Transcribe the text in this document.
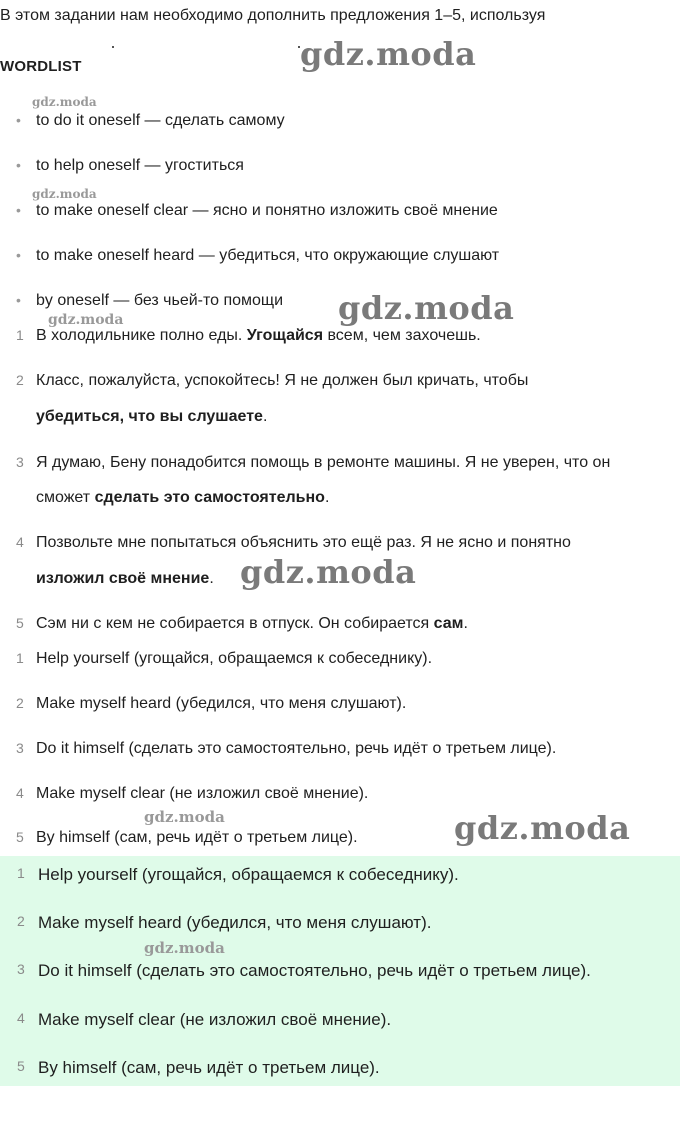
В этом задании нам необходимо дополнить предложения 1–5, используя
WORDLIST	gdz.moda
gdz.moda
• to do it oneself — сделать самому
• to help oneself — угоститься
gdz.moda
• to make oneself clear — ясно и понятно изложить своё мнение
• to make oneself heard — убедиться, что окружающие слушают
• by oneself — без чьей-то помощи gdz.moda
gdz.moda
1 В холодильнике полно еды. Угощайся всем, чем захочешь.
2 Класс, пожалуйста, успокойтесь! Я не должен был кричать, чтобы
убедиться, что вы слушаете.
3 Я думаю, Бену понадобится помощь в ремонте машины. Я не уверен, что он
сможет сделать это самостоятельно.
4 Позвольте мне попытаться объяснить это ещё раз. Я не ясно и понятно
изложил своё мнение. gdz.moda
5 Сэм ни с кем не собирается в отпуск. Он собирается сам.
1 Help yourself (угощайся, обращаемся к собеседнику).
2 Make myself heard (убедился, что меня слушают).
3 Do it himself (сделать это самостоятельно, речь идёт о третьем лице).
4 Make myself clear (не изложил своё мнение).
gdz.moda
5 By himself (сам, речь идёт о третьем лице).	gdz.moda
1 Help yourself (угощайся, обращаемся к собеседнику).
2 Make myself heard (убедился, что меня слушают).
gdz.moda
3 Do it himself (сделать это самостоятельно, речь идёт о третьем лице).
4 Make myself clear (не изложил своё мнение).
5 By himself (сам, речь идёт о третьем лице).
